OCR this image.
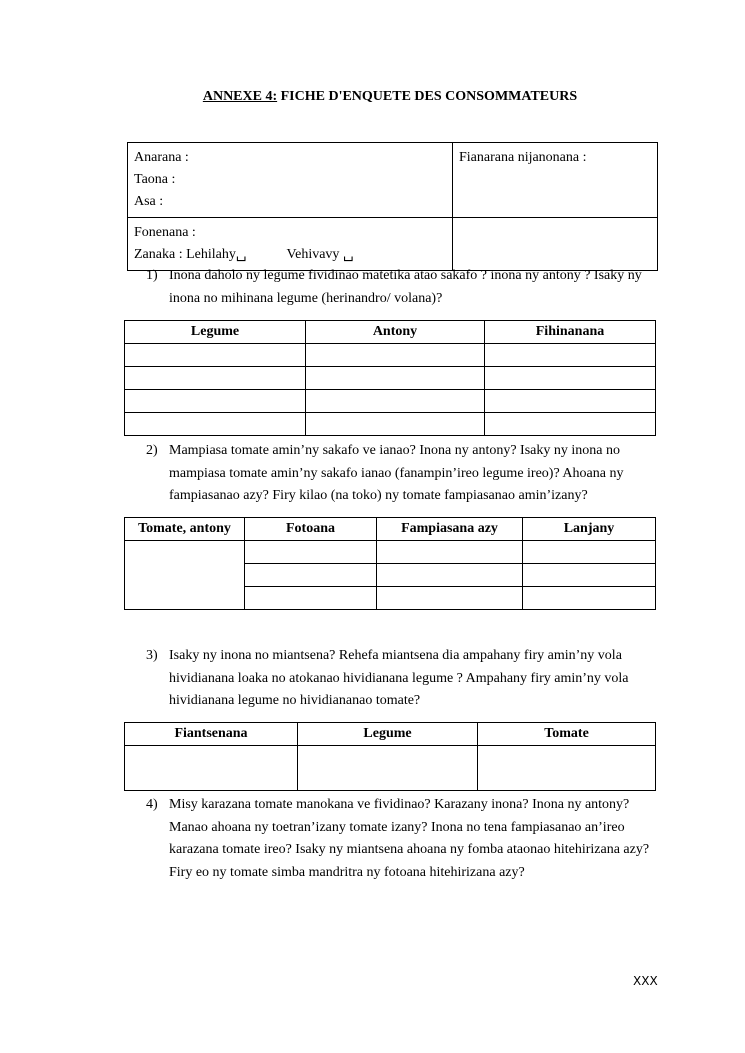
ANNEXE 4: FICHE D'ENQUETE DES CONSOMMATEURS
Anarana :
Taona :
Asa :	Fianarana nijanonana :

Fonenana :
Zanaka : Lehilahy␣ Vehivavy ␣	

1) Inona daholo ny legume fividinao matetika atao sakafo ? inona ny antony ? Isaky ny inona no mihinana legume (herinandro/ volana)?
Legume	Antony	Fihinanana

2) Mampiasa tomate amin’ny sakafo ve ianao? Inona ny antony? Isaky ny inona no mampiasa tomate amin’ny sakafo ianao (fanampin’ireo legume ireo)? Ahoana ny fampiasanao azy? Firy kilao (na toko) ny tomate fampiasanao amin’izany?
Tomate, antony	Fotoana	Fampiasana azy	Lanjany

3) Isaky ny inona no miantsena? Rehefa miantsena dia ampahany firy amin’ny vola hividianana loaka no atokanao hividianana legume ? Ampahany firy amin’ny vola hividianana legume no hividiananao tomate?
Fiantsenana	Legume	Tomate

4) Misy karazana tomate manokana ve fividinao? Karazany inona? Inona ny antony? Manao ahoana ny toetran’izany tomate izany? Inona no tena fampiasanao an’ireo karazana tomate ireo? Isaky ny miantsena ahoana ny fomba ataonao hitehirizana azy? Firy eo ny tomate simba mandritra ny fotoana hitehirizana azy?
XXX
